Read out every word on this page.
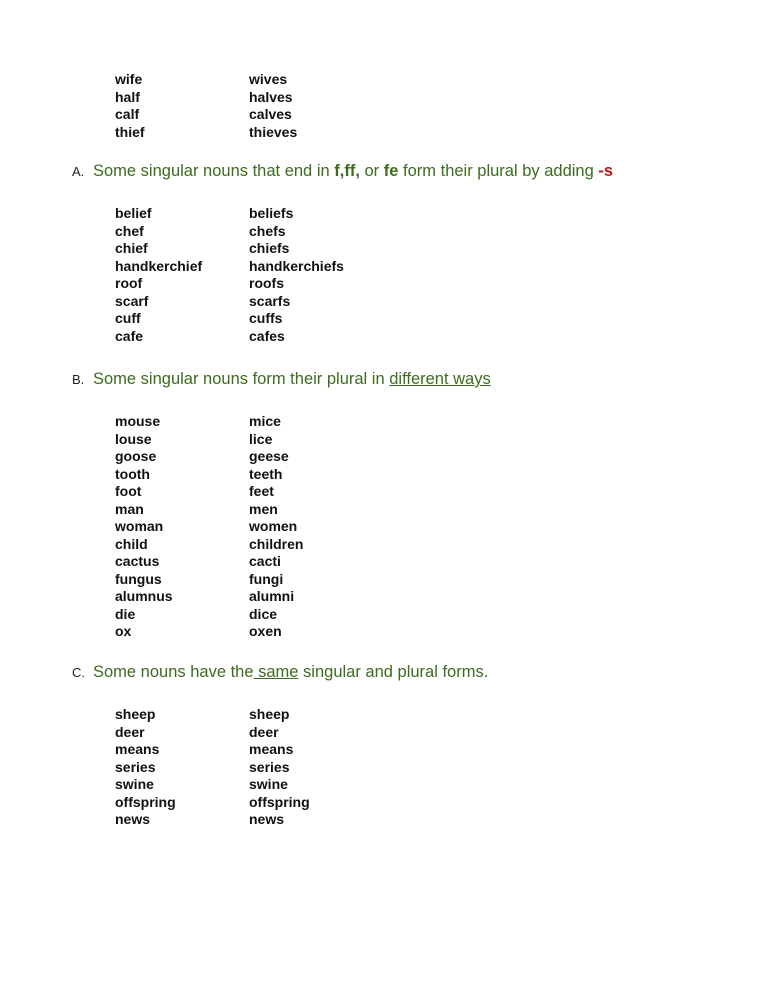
wife	wives
half	halves
calf	calves
thief	thieves
A. Some singular nouns that end in f,ff, or fe form their plural by adding -s
belief	beliefs
chef	chefs
chief	chiefs
handkerchief	handkerchiefs
roof	roofs
scarf	scarfs
cuff	cuffs
cafe	cafes
B. Some singular nouns form their plural in different ways
mouse	mice
louse	lice
goose	geese
tooth	teeth
foot	feet
man	men
woman	women
child	children
cactus	cacti
fungus	fungi
alumnus	alumni
die	dice
ox	oxen
C. Some nouns have the same singular and plural forms.
sheep	sheep
deer	deer
means	means
series	series
swine	swine
offspring	offspring
news	news
